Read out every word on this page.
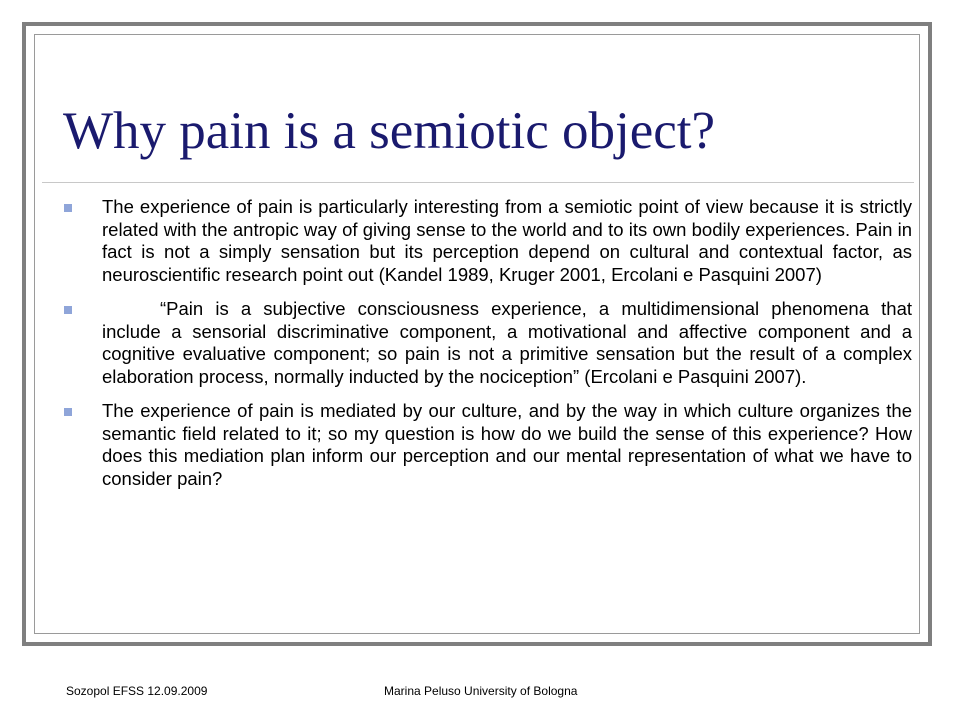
Why pain is a semiotic object?
The experience of pain is particularly interesting from a semiotic point of view because it is strictly related with the antropic way of giving sense to the world and to its own bodily experiences. Pain in fact is not a simply sensation but its perception depend on cultural and contextual factor, as neuroscientific research point out (Kandel 1989, Kruger 2001, Ercolani e Pasquini 2007)
“Pain is a subjective consciousness experience, a multidimensional phenomena that include a sensorial discriminative component, a motivational and affective component and a cognitive evaluative component; so pain is not a primitive sensation but the result of a complex elaboration process, normally inducted by the nociception” (Ercolani e Pasquini 2007).
The experience of pain is mediated by our culture, and by the way in which culture organizes the semantic field related to it; so my question is how do we build the sense of this experience? How does this mediation plan inform our perception and our mental representation of what we have to consider pain?
Sozopol EFSS 12.09.2009	Marina Peluso University of Bologna
